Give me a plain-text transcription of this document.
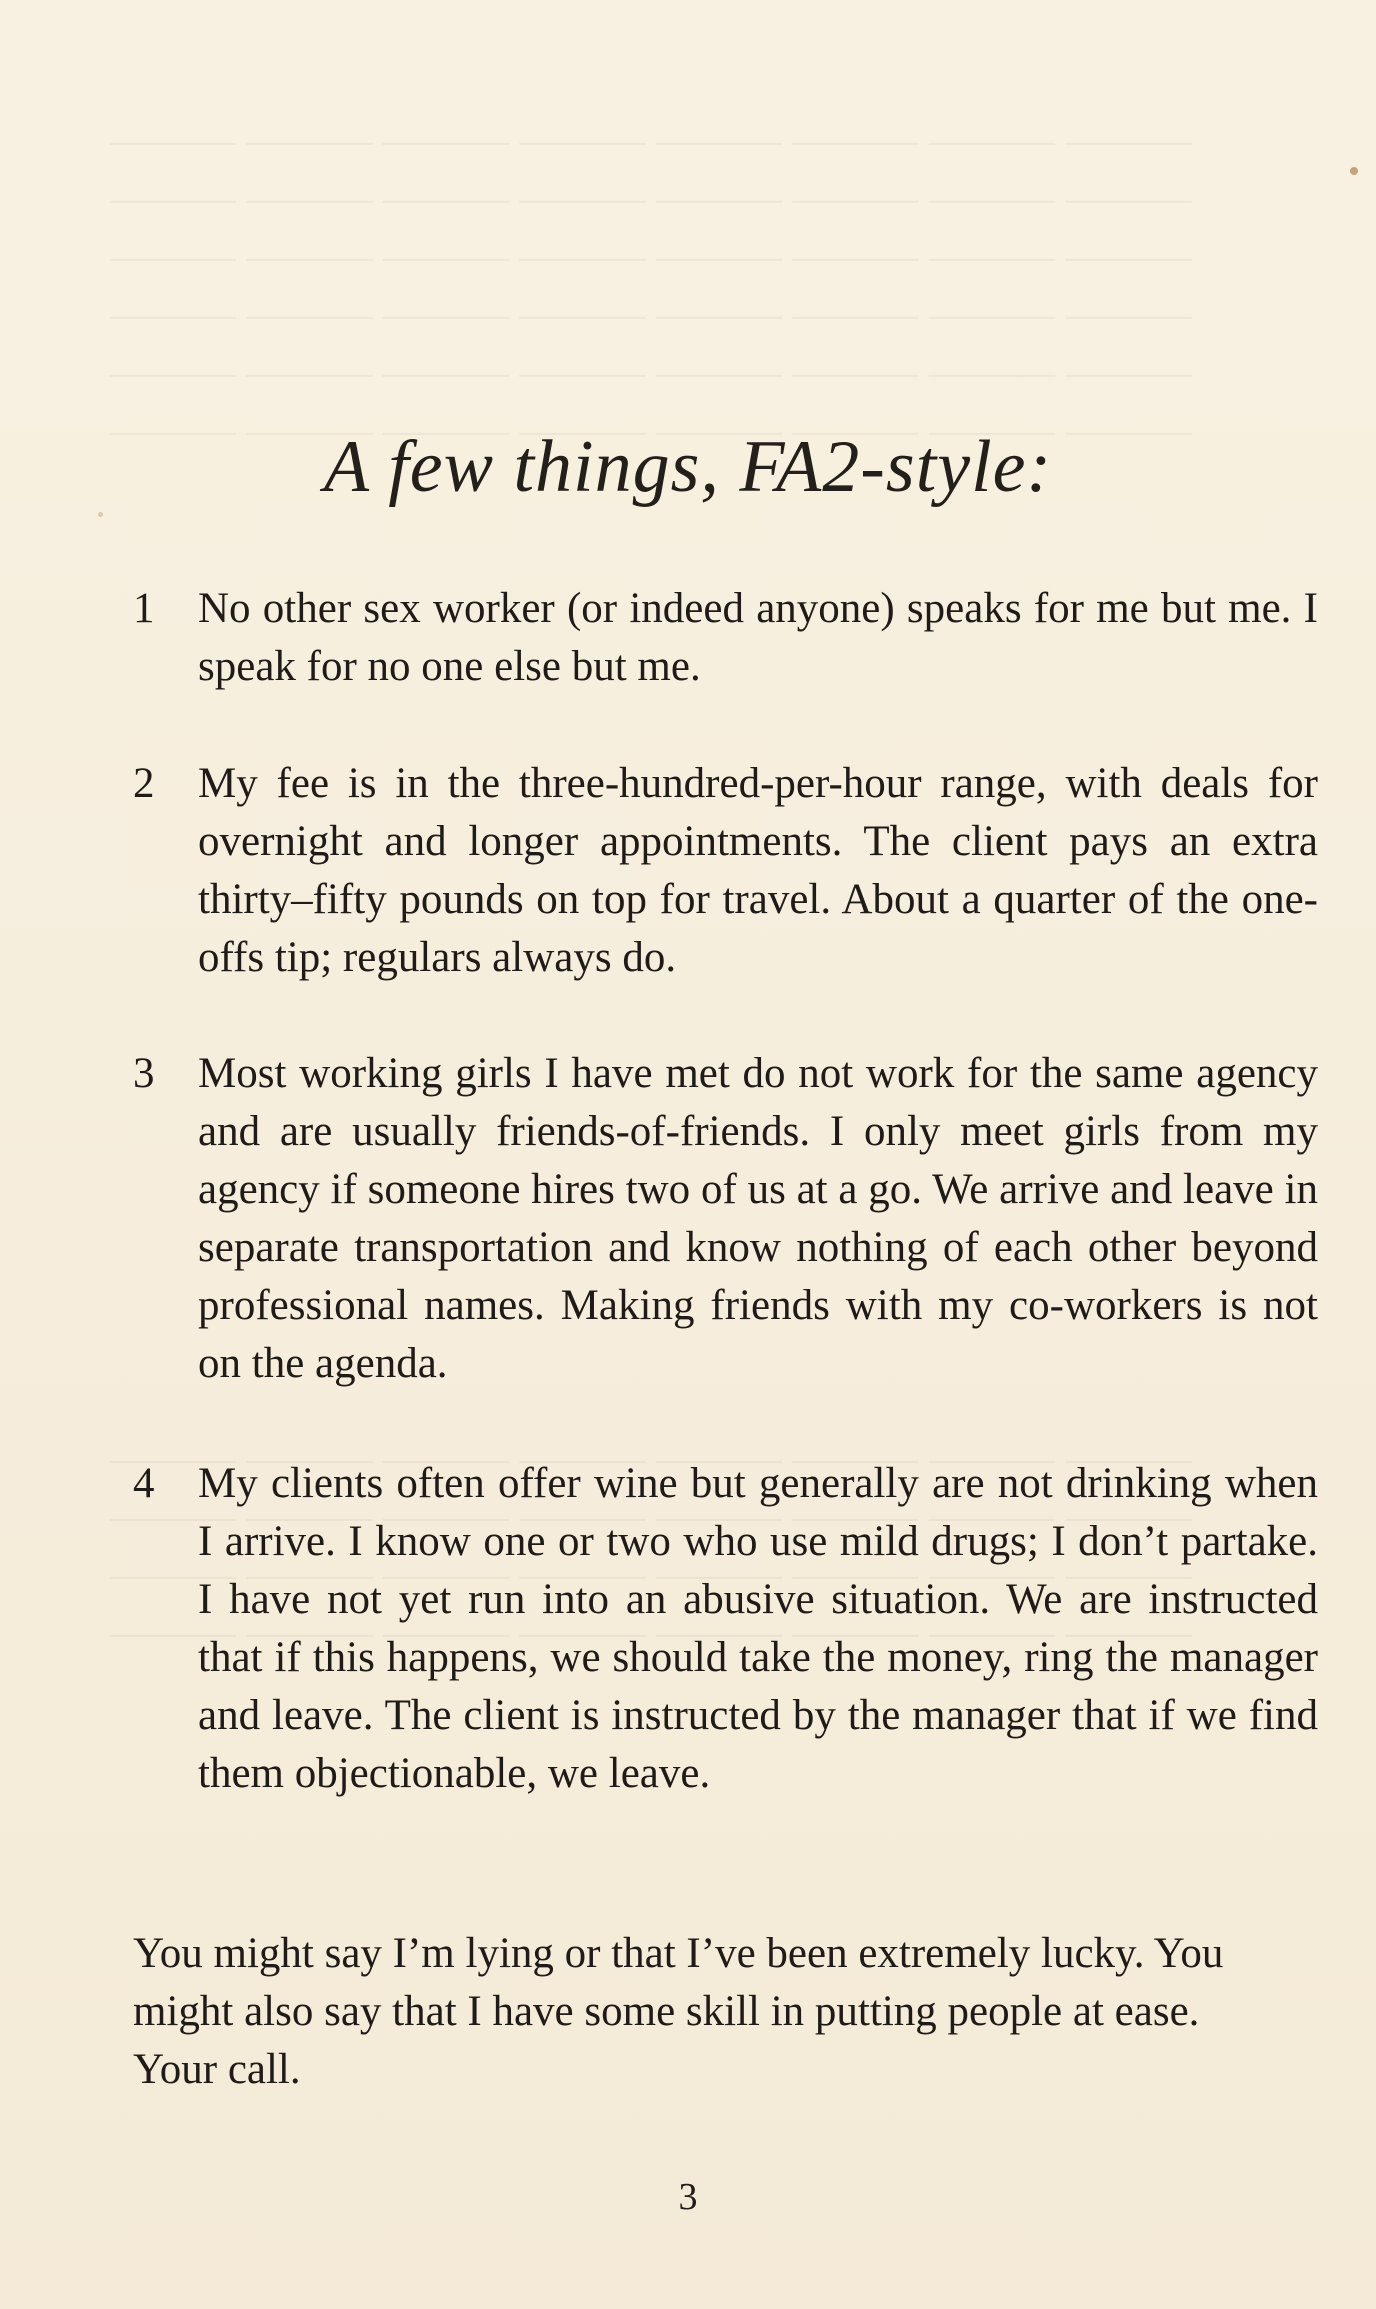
A few things, FA2-style:
1 No other sex worker (or indeed anyone) speaks for me but me. I speak for no one else but me.
2 My fee is in the three-hundred-per-hour range, with deals for overnight and longer appointments. The client pays an extra thirty–fifty pounds on top for travel. About a quarter of the one-offs tip; regulars always do.
3 Most working girls I have met do not work for the same agency and are usually friends-of-friends. I only meet girls from my agency if someone hires two of us at a go. We arrive and leave in separate transportation and know nothing of each other beyond professional names. Making friends with my co-workers is not on the agenda.
4 My clients often offer wine but generally are not drinking when I arrive. I know one or two who use mild drugs; I don’t partake. I have not yet run into an abusive situation. We are instructed that if this happens, we should take the money, ring the manager and leave. The client is instructed by the manager that if we find them objectionable, we leave.
You might say I’m lying or that I’ve been extremely lucky. You might also say that I have some skill in putting people at ease. Your call.
3
